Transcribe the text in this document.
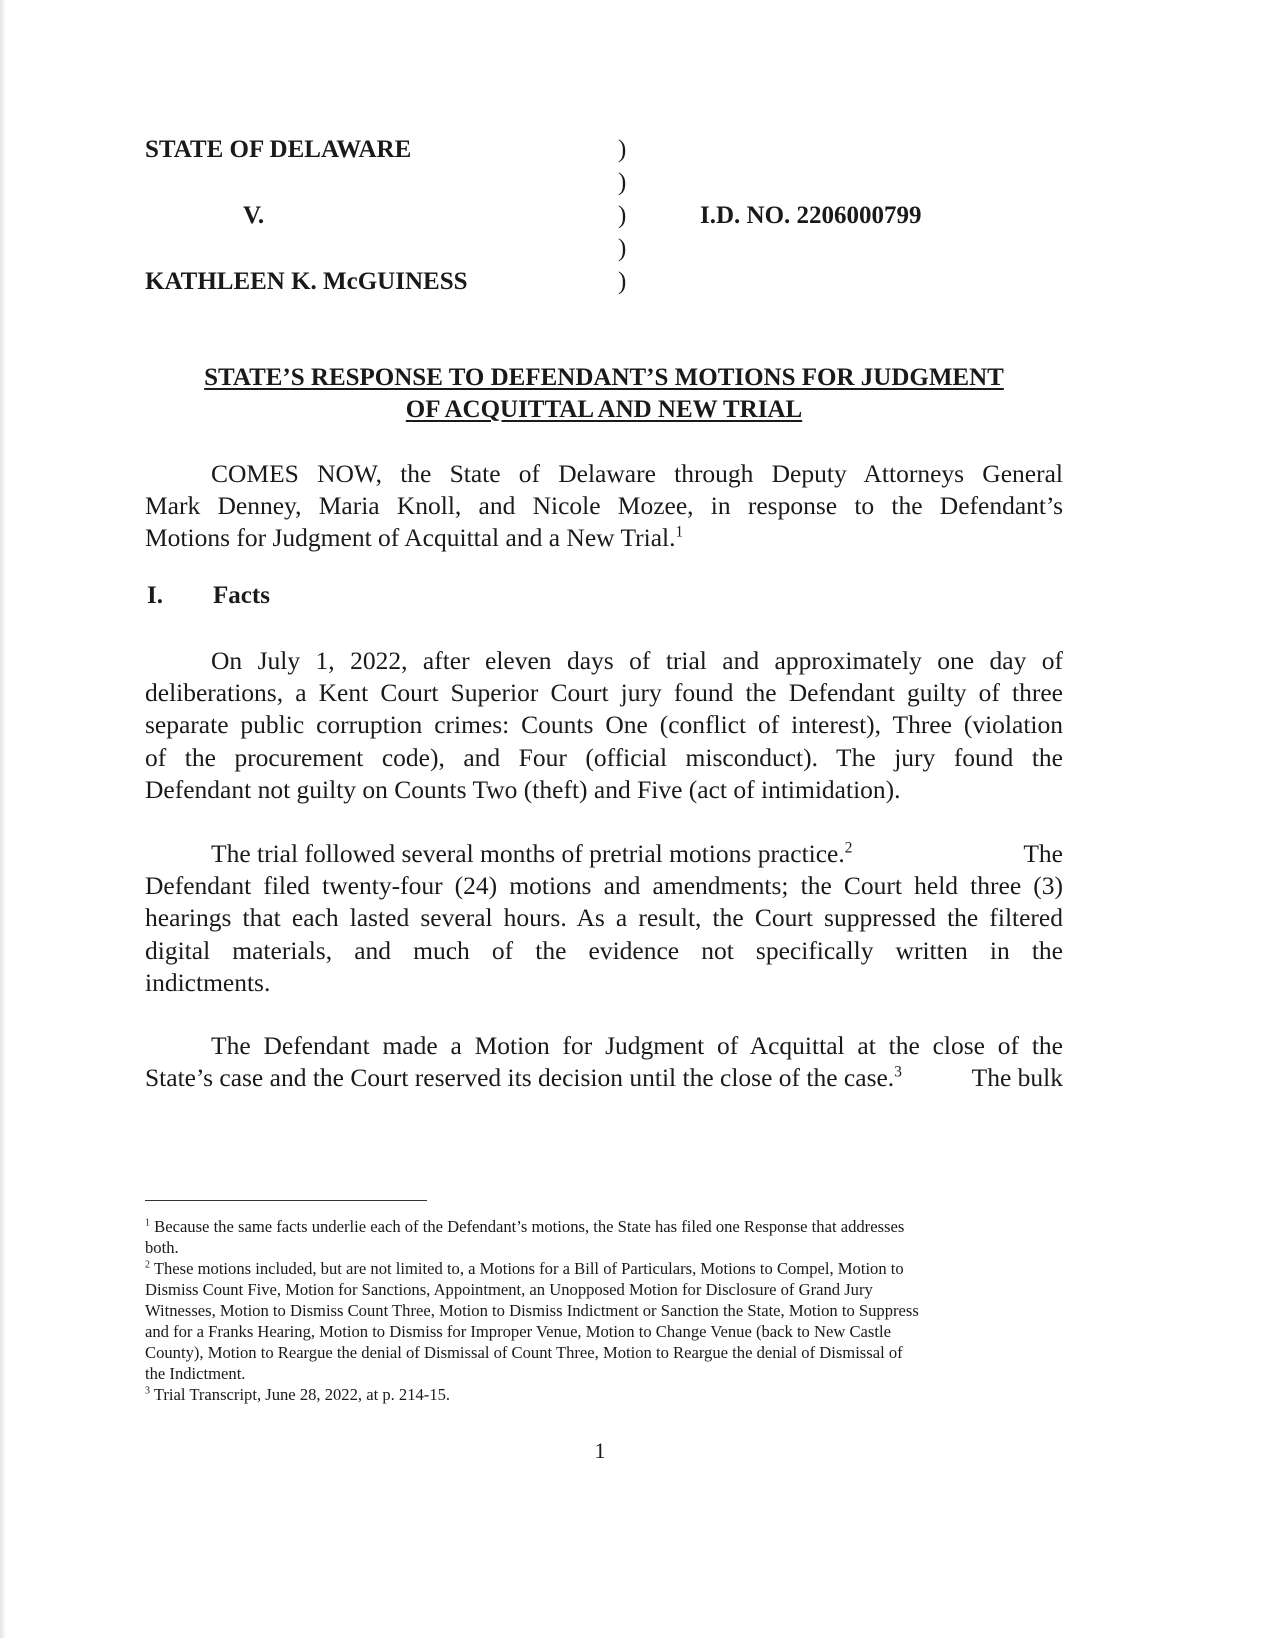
STATE OF DELAWARE
V.
KATHLEEN K. McGUINESS
)
)
)
)
)
I.D. NO. 2206000799
STATE’S RESPONSE TO DEFENDANT’S MOTIONS FOR JUDGMENT
OF ACQUITTAL AND NEW TRIAL
COMES NOW, the State of Delaware through Deputy Attorneys General
Mark Denney, Maria Knoll, and Nicole Mozee, in response to the Defendant’s
Motions for Judgment of Acquittal and a New Trial.$^1$
I. Facts
On July 1, 2022, after eleven days of trial and approximately one day of
deliberations, a Kent Court Superior Court jury found the Defendant guilty of three
separate public corruption crimes: Counts One (conflict of interest), Three (violation
of the procurement code), and Four (official misconduct). The jury found the
Defendant not guilty on Counts Two (theft) and Five (act of intimidation).
The trial followed several months of pretrial motions practice.$^2$	The
Defendant filed twenty-four (24) motions and amendments; the Court held three (3)
hearings that each lasted several hours. As a result, the Court suppressed the filtered
digital materials, and much of the evidence not specifically written in the
indictments.
The Defendant made a Motion for Judgment of Acquittal at the close of the
State’s case and the Court reserved its decision until the close of the case.$^3$	The bulk
$^1$ Because the same facts underlie each of the Defendant’s motions, the State has filed one Response that addresses
both.
$^2$ These motions included, but are not limited to, a Motions for a Bill of Particulars, Motions to Compel, Motion to
Dismiss Count Five, Motion for Sanctions, Appointment, an Unopposed Motion for Disclosure of Grand Jury
Witnesses, Motion to Dismiss Count Three, Motion to Dismiss Indictment or Sanction the State, Motion to Suppress
and for a Franks Hearing, Motion to Dismiss for Improper Venue, Motion to Change Venue (back to New Castle
County), Motion to Reargue the denial of Dismissal of Count Three, Motion to Reargue the denial of Dismissal of
the Indictment.
$^3$ Trial Transcript, June 28, 2022, at p. 214-15.
1
